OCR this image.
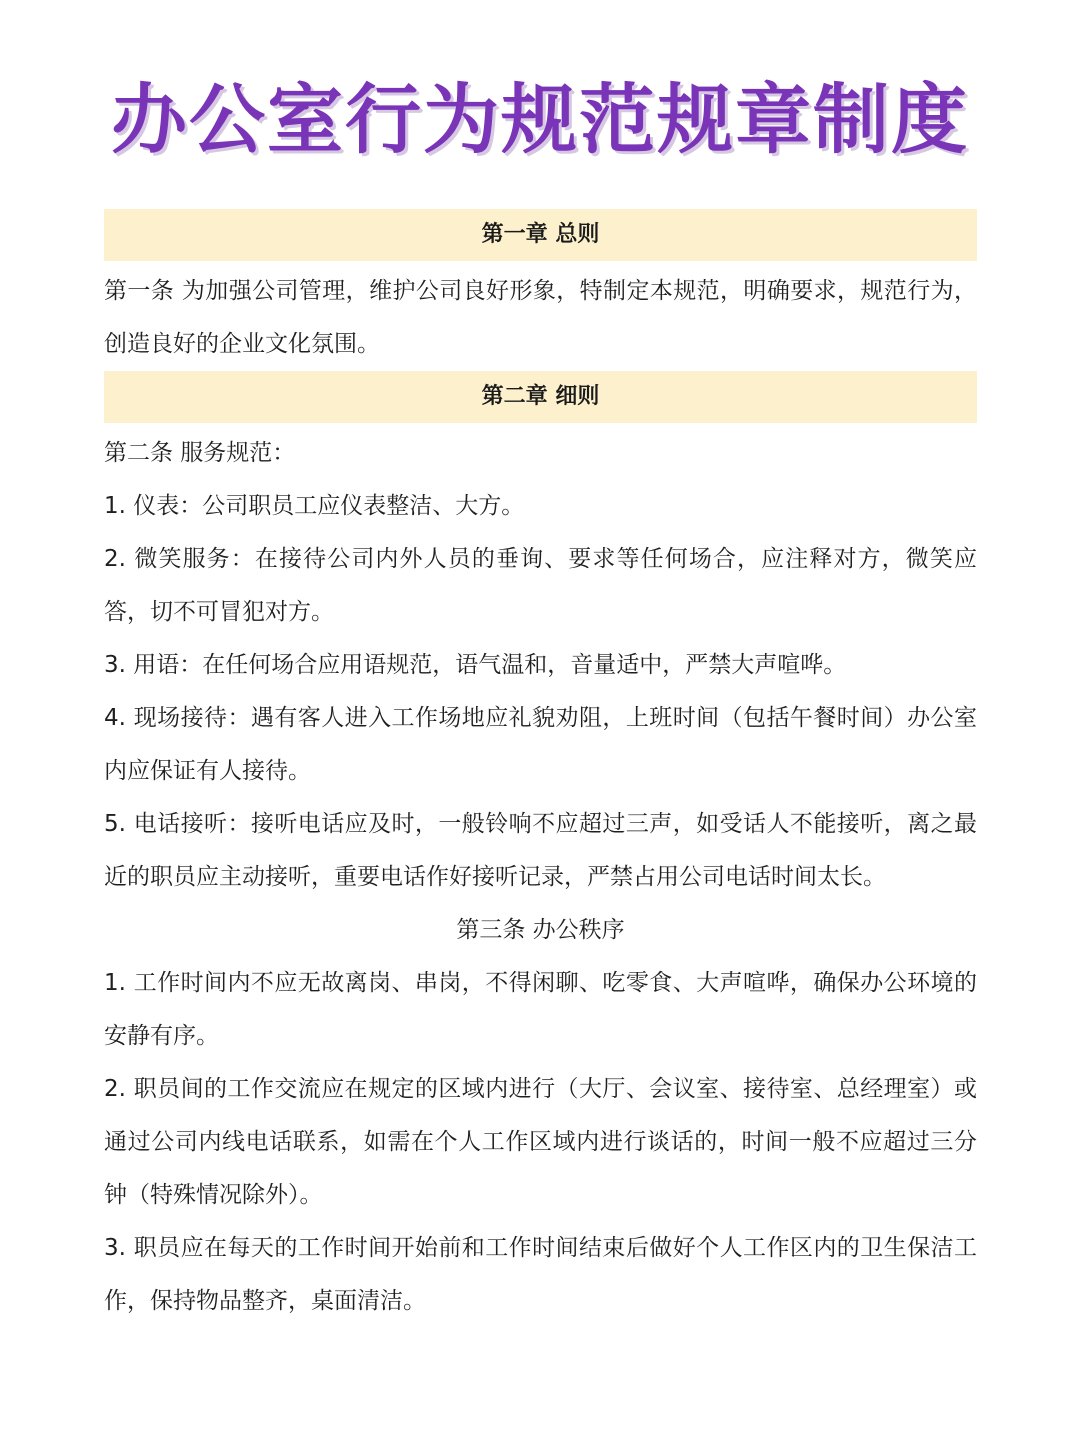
办公室行为规范规章制度
第一章 总则

第一条 为加强公司管理，维护公司良好形象，特制定本规范，明确要求，规范行为，创造良好的企业文化氛围。

第二章 细则

第二条 服务规范：

1. 仪表：公司职员工应仪表整洁、大方。

2. 微笑服务：在接待公司内外人员的垂询、要求等任何场合，应注释对方，微笑应答，切不可冒犯对方。

3. 用语：在任何场合应用语规范，语气温和，音量适中，严禁大声喧哗。

4. 现场接待：遇有客人进入工作场地应礼貌劝阻，上班时间（包括午餐时间）办公室内应保证有人接待。

5. 电话接听：接听电话应及时，一般铃响不应超过三声，如受话人不能接听，离之最近的职员应主动接听，重要电话作好接听记录，严禁占用公司电话时间太长。

第三条 办公秩序

1. 工作时间内不应无故离岗、串岗，不得闲聊、吃零食、大声喧哗，确保办公环境的安静有序。

2. 职员间的工作交流应在规定的区域内进行（大厅、会议室、接待室、总经理室）或通过公司内线电话联系，如需在个人工作区域内进行谈话的，时间一般不应超过三分钟（特殊情况除外）。

3. 职员应在每天的工作时间开始前和工作时间结束后做好个人工作区内的卫生保洁工作，保持物品整齐，桌面清洁。
